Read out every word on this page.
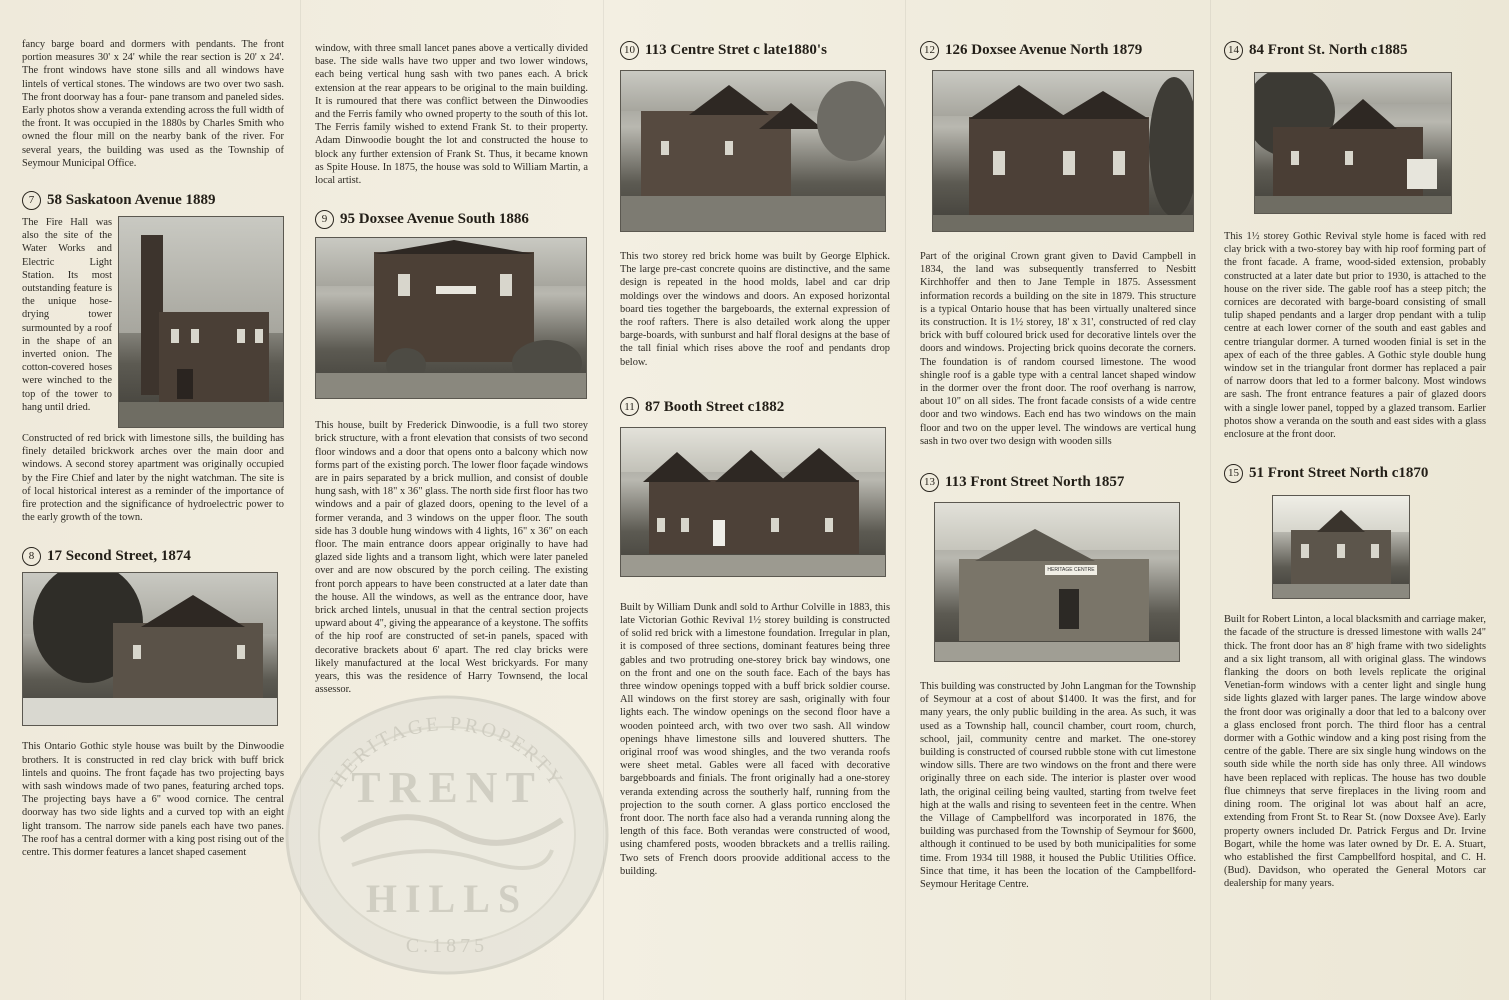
fancy barge board and dormers with pendants. The front portion measures 30' x 24' while the rear section is 20' x 24'. The front windows have stone sills and all windows have lintels of vertical stones. The windows are two over two sash. The front doorway has a four- pane transom and paneled sides. Early photos show a veranda extending across the full width of the front. It was occupied in the 1880s by Charles Smith who owned the flour mill on the nearby bank of the river. For several years, the building was used as the Township of Seymour Municipal Office.

7 58 Saskatoon Avenue 1889

The Fire Hall was also the site of the Water Works and Electric Light Station. Its most outstanding feature is the unique hose-drying tower surmounted by a roof in the shape of an inverted onion. The cotton-covered hoses were winched to the top of the tower to hang until dried.

Constructed of red brick with limestone sills, the building has finely detailed brickwork arches over the main door and windows. A second storey apartment was originally occupied by the Fire Chief and later by the night watchman. The site is of local historical interest as a reminder of the importance of fire protection and the significance of hydroelectric power to the early growth of the town.

8 17 Second Street, 1874

This Ontario Gothic style house was built by the Dinwoodie brothers. It is constructed in red clay brick with buff brick lintels and quoins. The front façade has two projecting bays with sash windows made of two panes, featuring arched tops. The projecting bays have a 6" wood cornice. The central doorway has two side lights and a curved top with an eight light transom. The narrow side panels each have two panes. The roof has a central dormer with a king post rising out of the centre. This dormer features a lancet shaped casement

window, with three small lancet panes above a vertically divided base. The side walls have two upper and two lower windows, each being vertical hung sash with two panes each. A brick extension at the rear appears to be original to the main building. It is rumoured that there was conflict between the Dinwoodies and the Ferris family who owned property to the south of this lot. The Ferris family wished to extend Frank St. to their property. Adam Dinwoodie bought the lot and constructed the house to block any further extension of Frank St. Thus, it became known as Spite House. In 1875, the house was sold to William Martin, a local artist.

9 95 Doxsee Avenue South 1886

This house, built by Frederick Dinwoodie, is a full two storey brick structure, with a front elevation that consists of two second floor windows and a door that opens onto a balcony which now forms part of the existing porch. The lower floor façade windows are in pairs separated by a brick mullion, and consist of double hung sash, with 18" x 36" glass. The north side first floor has two windows and a pair of glazed doors, opening to the level of a former veranda, and 3 windows on the upper floor. The south side has 3 double hung windows with 4 lights, 16" x 36" on each floor. The main entrance doors appear originally to have had glazed side lights and a transom light, which were later paneled over and are now obscured by the porch ceiling. The existing front porch appears to have been constructed at a later date than the house. All the windows, as well as the entrance door, have brick arched lintels, unusual in that the central section projects upward about 4", giving the appearance of a keystone. The soffits of the hip roof are constructed of set-in panels, spaced with decorative brackets about 6' apart. The red clay bricks were likely manufactured at the local West brickyards. For many years, this was the residence of Harry Townsend, the local assessor.

10 113 Centre Stret c late1880's

This two storey red brick home was built by George Elphick. The large pre-cast concrete quoins are distinctive, and the same design is repeated in the hood molds, label and car drip moldings over the windows and doors. An exposed horizontal board ties together the bargeboards, the external expression of the roof rafters. There is also detailed work along the upper barge-boards, with sunburst and half floral designs at the base of the tall finial which rises above the roof and pendants drop below.

11 87 Booth Street c1882

Built by William Dunk andl sold to Arthur Colville in 1883, this late Victorian Gothic Revival 1½ storey building is constructed of solid red brick with a limestone foundation. Irregular in plan, it is composed of three sections, dominant features being three gables and two protruding one-storey brick bay windows, one on the front and one on the south face. Each of the bays has three window openings topped with a buff brick soldier course. All windows on the first storey are sash, originally with four lights each. The window openings on the second floor have a wooden pointeed arch, with two over two sash. All window openings hhave limestone sills and louvered shutters. The original rroof was wood shingles, and the two veranda roofs were sheet metal. Gables were all faced with decorative bargebboards and finials. The front originally had a one-storey veranda extending across the southerly half, running from the projection to the south corner. A glass portico encclosed the front door. The north face also had a veranda running along the length of this face. Both verandas were constructed of wood, using chamfered posts, wooden bbrackets and a trellis railing. Two sets of French doors proovide additional access to the building.

12 126 Doxsee Avenue North 1879

Part of the original Crown grant given to David Campbell in 1834, the land was subsequently transferred to Nesbitt Kirchhoffer and then to Jane Temple in 1875. Assessment information records a building on the site in 1879. This structure is a typical Ontario house that has been virtually unaltered since its construction. It is 1½ storey, 18' x 31', constructed of red clay brick with buff coloured brick used for decorative lintels over the doors and windows. Projecting brick quoins decorate the corners. The foundation is of random coursed limestone. The wood shingle roof is a gable type with a central lancet shaped window in the dormer over the front door. The roof overhang is narrow, about 10" on all sides. The front facade consists of a wide centre door and two windows. Each end has two windows on the main floor and two on the upper level. The windows are vertical hung sash in two over two design with wooden sills

13 113 Front Street North 1857
HERITAGE CENTRE

This building was constructed by John Langman for the Township of Seymour at a cost of about $1400. It was the first, and for many years, the only public building in the area. As such, it was used as a Township hall, council chamber, court room, church, school, jail, community centre and market. The one-storey building is constructed of coursed rubble stone with cut limestone window sills. There are two windows on the front and there were originally three on each side. The interior is plaster over wood lath, the original ceiling being vaulted, starting from twelve feet high at the walls and rising to seventeen feet in the centre. When the Village of Campbellford was incorporated in 1876, the building was purchased from the Township of Seymour for $600, although it continued to be used by both municipalities for some time. From 1934 till 1988, it housed the Public Utilities Office. Since that time, it has been the location of the Campbellford-Seymour Heritage Centre.

14 84 Front St. North c1885

This 1½ storey Gothic Revival style home is faced with red clay brick with a two-storey bay with hip roof forming part of the front facade. A frame, wood-sided extension, probably constructed at a later date but prior to 1930, is attached to the house on the river side. The gable roof has a steep pitch; the cornices are decorated with barge-board consisting of small tulip shaped pendants and a larger drop pendant with a tulip centre at each lower corner of the south and east gables and centre triangular dormer. A turned wooden finial is set in the apex of each of the three gables. A Gothic style double hung window set in the triangular front dormer has replaced a pair of narrow doors that led to a former balcony. Most windows are sash. The front entrance features a pair of glazed doors with a single lower panel, topped by a glazed transom. Earlier photos show a veranda on the south and east sides with a glass enclosure at the front door.

15 51 Front Street North c1870

Built for Robert Linton, a local blacksmith and carriage maker, the facade of the structure is dressed limestone with walls 24" thick. The front door has an 8' high frame with two sidelights and a six light transom, all with original glass. The windows flanking the doors on both levels replicate the original Venetian-form windows with a center light and single hung side lights glazed with larger panes. The large window above the front door was originally a door that led to a balcony over a glass enclosed front porch. The third floor has a central dormer with a Gothic window and a king post rising from the centre of the gable. There are six single hung windows on the south side while the north side has only three. All windows have been replaced with replicas. The house has two double flue chimneys that serve fireplaces in the living room and dining room. The original lot was about half an acre, extending from Front St. to Rear St. (now Doxsee Ave). Early property owners included Dr. Patrick Fergus and Dr. Irvine Bogart, while the home was later owned by Dr. E. A. Stuart, who established the first Campbellford hospital, and C. H. (Bud). Davidson, who operated the General Motors car dealership for many years.

HERITAGE PROPERTY
TRENT
HILLS
C.1875
